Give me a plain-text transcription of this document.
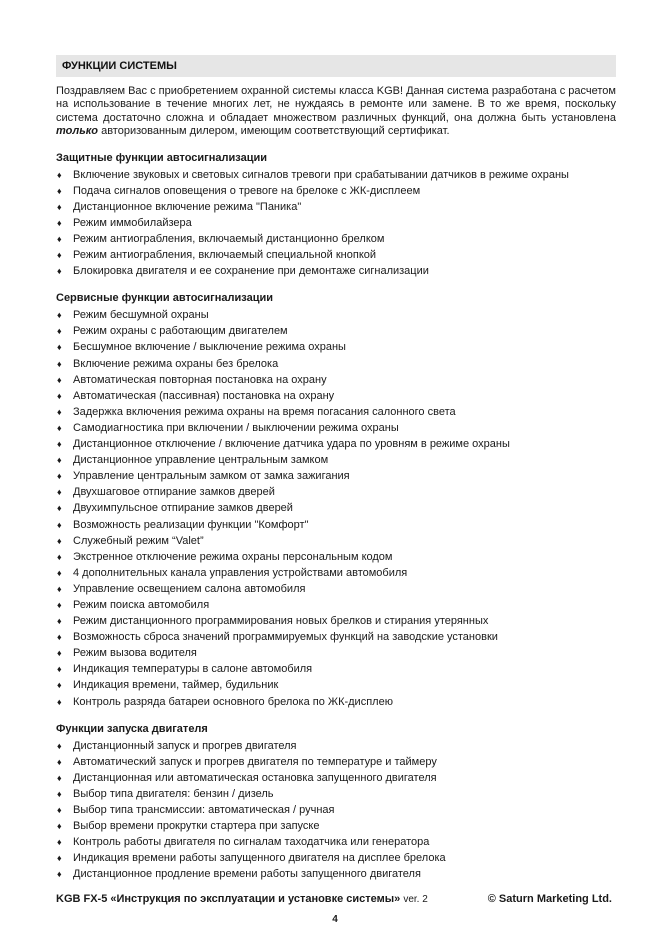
ФУНКЦИИ СИСТЕМЫ
Поздравляем Вас с приобретением охранной системы класса KGB! Данная система разработана с расчетом на использование в течение многих лет, не нуждаясь в ремонте или замене. В то же время, поскольку система достаточно сложна и обладает множеством различных функций, она должна быть установлена только авторизованным дилером, имеющим соответствующий сертификат.
Защитные функции автосигнализации
♦ Включение звуковых и световых сигналов тревоги при срабатывании датчиков в режиме охраны
♦ Подача сигналов оповещения о тревоге на брелоке с ЖК-дисплеем
♦ Дистанционное включение режима "Паника"
♦ Режим иммобилайзера
♦ Режим антиограбления, включаемый дистанционно брелком
♦ Режим антиограбления, включаемый специальной кнопкой
♦ Блокировка двигателя и ее сохранение при демонтаже сигнализации
Сервисные функции автосигнализации
♦ Режим бесшумной охраны
♦ Режим охраны с работающим двигателем
♦ Бесшумное включение / выключение режима охраны
♦ Включение режима охраны без брелока
♦ Автоматическая повторная постановка на охрану
♦ Автоматическая (пассивная) постановка на охрану
♦ Задержка включения режима охраны на время погасания салонного света
♦ Самодиагностика при включении / выключении режима охраны
♦ Дистанционное отключение / включение датчика удара по уровням в режиме охраны
♦ Дистанционное управление центральным замком
♦ Управление центральным замком от замка зажигания
♦ Двухшаговое отпирание замков дверей
♦ Двухимпульсное отпирание замков дверей
♦ Возможность реализации функции "Комфорт"
♦ Служебный режим “Valet”
♦ Экстренное отключение режима охраны персональным кодом
♦ 4 дополнительных канала управления устройствами автомобиля
♦ Управление освещением салона автомобиля
♦ Режим поиска автомобиля
♦ Режим дистанционного программирования новых брелков и стирания утерянных
♦ Возможность сброса значений программируемых функций на заводские установки
♦ Режим вызова водителя
♦ Индикация температуры в салоне автомобиля
♦ Индикация времени, таймер, будильник
♦ Контроль разряда батареи основного брелока по ЖК-дисплею
Функции запуска двигателя
♦ Дистанционный запуск и прогрев двигателя
♦ Автоматический запуск и прогрев двигателя по температуре и таймеру
♦ Дистанционная или автоматическая остановка запущенного двигателя
♦ Выбор типа двигателя: бензин / дизель
♦ Выбор типа трансмиссии: автоматическая / ручная
♦ Выбор времени прокрутки стартера при запуске
♦ Контроль работы двигателя по сигналам таходатчика или генератора
♦ Индикация времени работы запущенного двигателя на дисплее брелока
♦ Дистанционное продление времени работы запущенного двигателя
KGB FX-5 «Инструкция по эксплуатации и установке системы» ver. 2	© Saturn Marketing Ltd.
4
